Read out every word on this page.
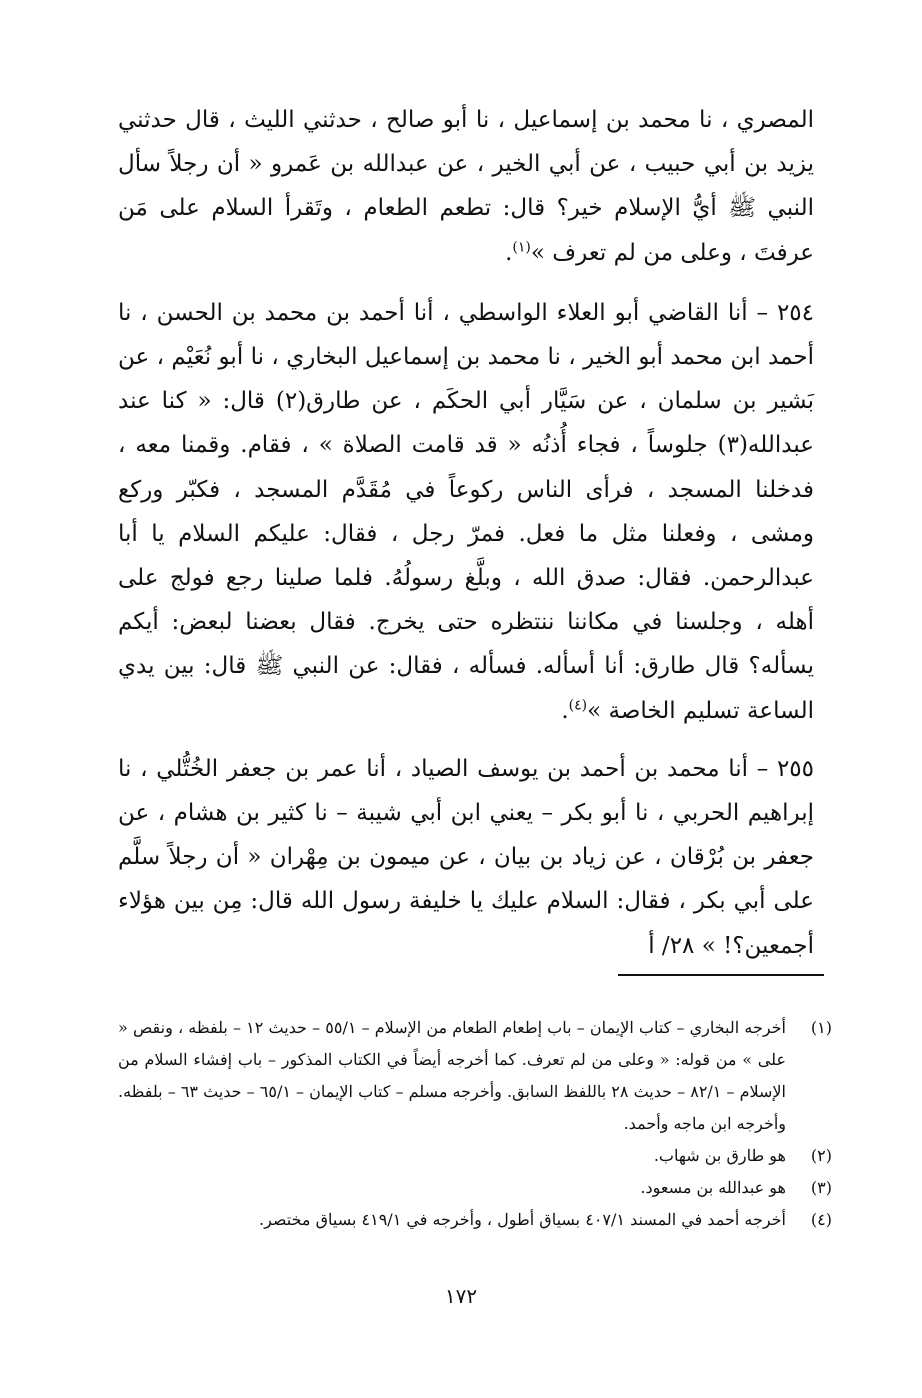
المصري ، نا محمد بن إسماعيل ، نا أبو صالح ، حدثني الليث ، قال حدثني يزيد بن أبي حبيب ، عن أبي الخير ، عن عبدالله بن عَمرو « أن رجلاً سأل النبي ﷺ أيُّ الإسلام خير؟ قال: تطعم الطعام ، وتَقرأ السلام على مَن عرفتَ ، وعلى من لم تعرف »$^{(١)}$.

٢٥٤ – أنا القاضي أبو العلاء الواسطي ، أنا أحمد بن محمد بن الحسن ، نا أحمد ابن محمد أبو الخير ، نا محمد بن إسماعيل البخاري ، نا أبو نُعَيْم ، عن بَشير بن سلمان ، عن سَيَّار أبي الحكَم ، عن طارق(٢) قال: « كنا عند عبدالله(٣) جلوساً ، فجاء أُذنُه « قد قامت الصلاة » ، فقام. وقمنا معه ، فدخلنا المسجد ، فرأى الناس ركوعاً في مُقَدَّم المسجد ، فكبّر وركع ومشى ، وفعلنا مثل ما فعل. فمرّ رجل ، فقال: عليكم السلام يا أبا عبدالرحمن. فقال: صدق الله ، وبلَّغ رسولُهُ. فلما صلينا رجع فولج على أهله ، وجلسنا في مكاننا ننتظره حتى يخرج. فقال بعضنا لبعض: أيكم يسأله؟ قال طارق: أنا أسأله. فسأله ، فقال: عن النبي ﷺ قال: بين يدي الساعة تسليم الخاصة »$^{(٤)}$.

٢٥٥ – أنا محمد بن أحمد بن يوسف الصياد ، أنا عمر بن جعفر الخُتُّلي ، نا إبراهيم الحربي ، نا أبو بكر – يعني ابن أبي شيبة – نا كثير بن هشام ، عن جعفر بن بُرْقان ، عن زياد بن بيان ، عن ميمون بن مِهْران « أن رجلاً سلَّم على أبي بكر ، فقال: السلام عليك يا خليفة رسول الله قال: مِن بين هؤلاء أجمعين؟! » ٢٨/ أ

(١)
أخرجه البخاري – كتاب الإيمان – باب إطعام الطعام من الإسلام – ٥٥/١ – حديث ١٢ – بلفظه ، ونقص « على » من قوله: « وعلى من لم تعرف. كما أخرجه أيضاً في الكتاب المذكور – باب إفشاء السلام من الإسلام – ٨٢/١ – حديث ٢٨ باللفظ السابق. وأخرجه مسلم – كتاب الإيمان – ٦٥/١ – حديث ٦٣ – بلفظه. وأخرجه ابن ماجه وأحمد.
(٢)
هو طارق بن شهاب.
(٣)
هو عبدالله بن مسعود.
(٤)
أخرجه أحمد في المسند ٤٠٧/١ بسياق أطول ، وأخرجه في ٤١٩/١ بسياق مختصر.
١٧٢
